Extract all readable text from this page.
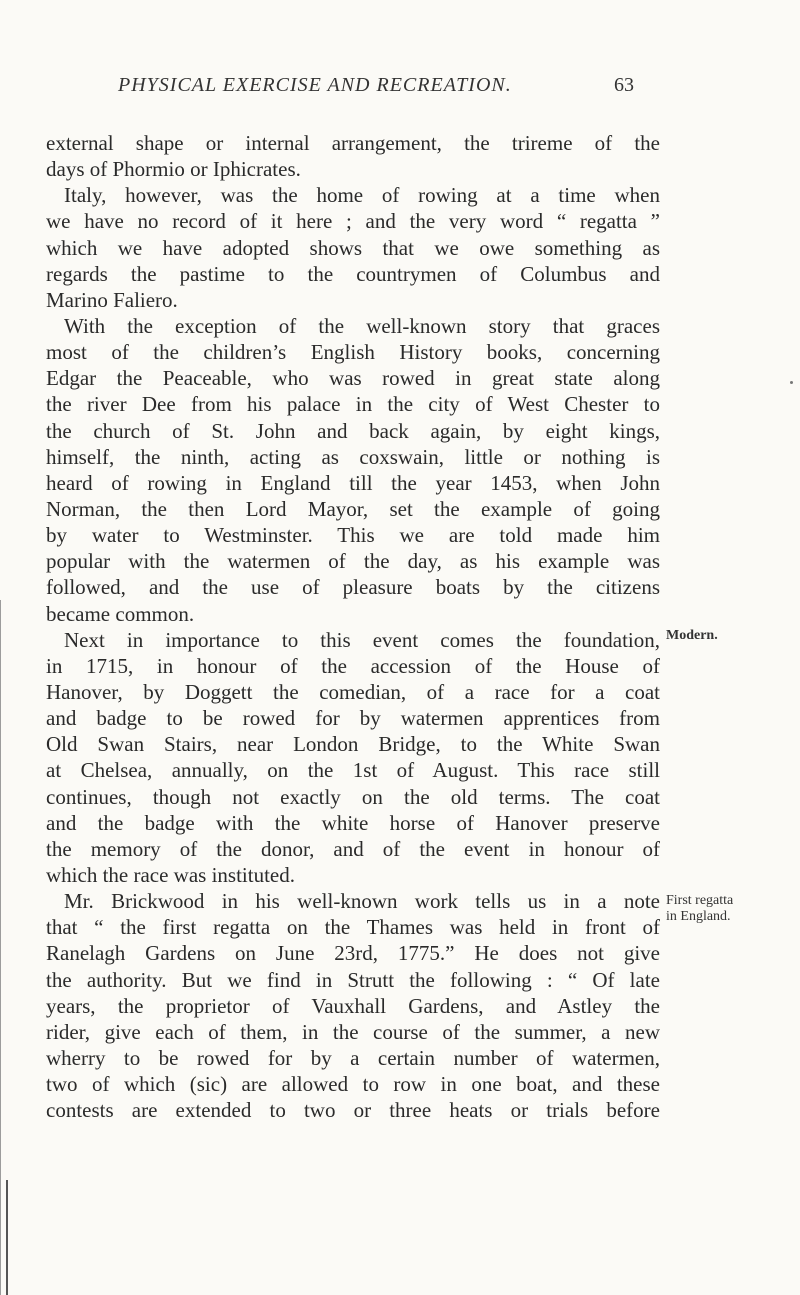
PHYSICAL EXERCISE AND RECREATION.	63
external shape or internal arrangement, the trireme of the
days of Phormio or Iphicrates.
Italy, however, was the home of rowing at a time when
we have no record of it here ; and the very word “ regatta ”
which we have adopted shows that we owe something as
regards the pastime to the countrymen of Columbus and
Marino Faliero.
With the exception of the well-known story that graces
most of the children’s English History books, concerning
Edgar the Peaceable, who was rowed in great state along
the river Dee from his palace in the city of West Chester to
the church of St. John and back again, by eight kings,
himself, the ninth, acting as coxswain, little or nothing is
heard of rowing in England till the year 1453, when John
Norman, the then Lord Mayor, set the example of going
by water to Westminster. This we are told made him
popular with the watermen of the day, as his example was
followed, and the use of pleasure boats by the citizens
became common.
Next in importance to this event comes the foundation,
in 1715, in honour of the accession of the House of
Hanover, by Doggett the comedian, of a race for a coat
and badge to be rowed for by watermen apprentices from
Old Swan Stairs, near London Bridge, to the White Swan
at Chelsea, annually, on the 1st of August. This race still
continues, though not exactly on the old terms. The coat
and the badge with the white horse of Hanover preserve
the memory of the donor, and of the event in honour of
which the race was instituted.
Mr. Brickwood in his well-known work tells us in a note
that “ the first regatta on the Thames was held in front of
Ranelagh Gardens on June 23rd, 1775.” He does not give
the authority. But we find in Strutt the following : “ Of late
years, the proprietor of Vauxhall Gardens, and Astley the
rider, give each of them, in the course of the summer, a new
wherry to be rowed for by a certain number of watermen,
two of which (sic) are allowed to row in one boat, and these
contests are extended to two or three heats or trials before
Modern.
First regatta
in England.
